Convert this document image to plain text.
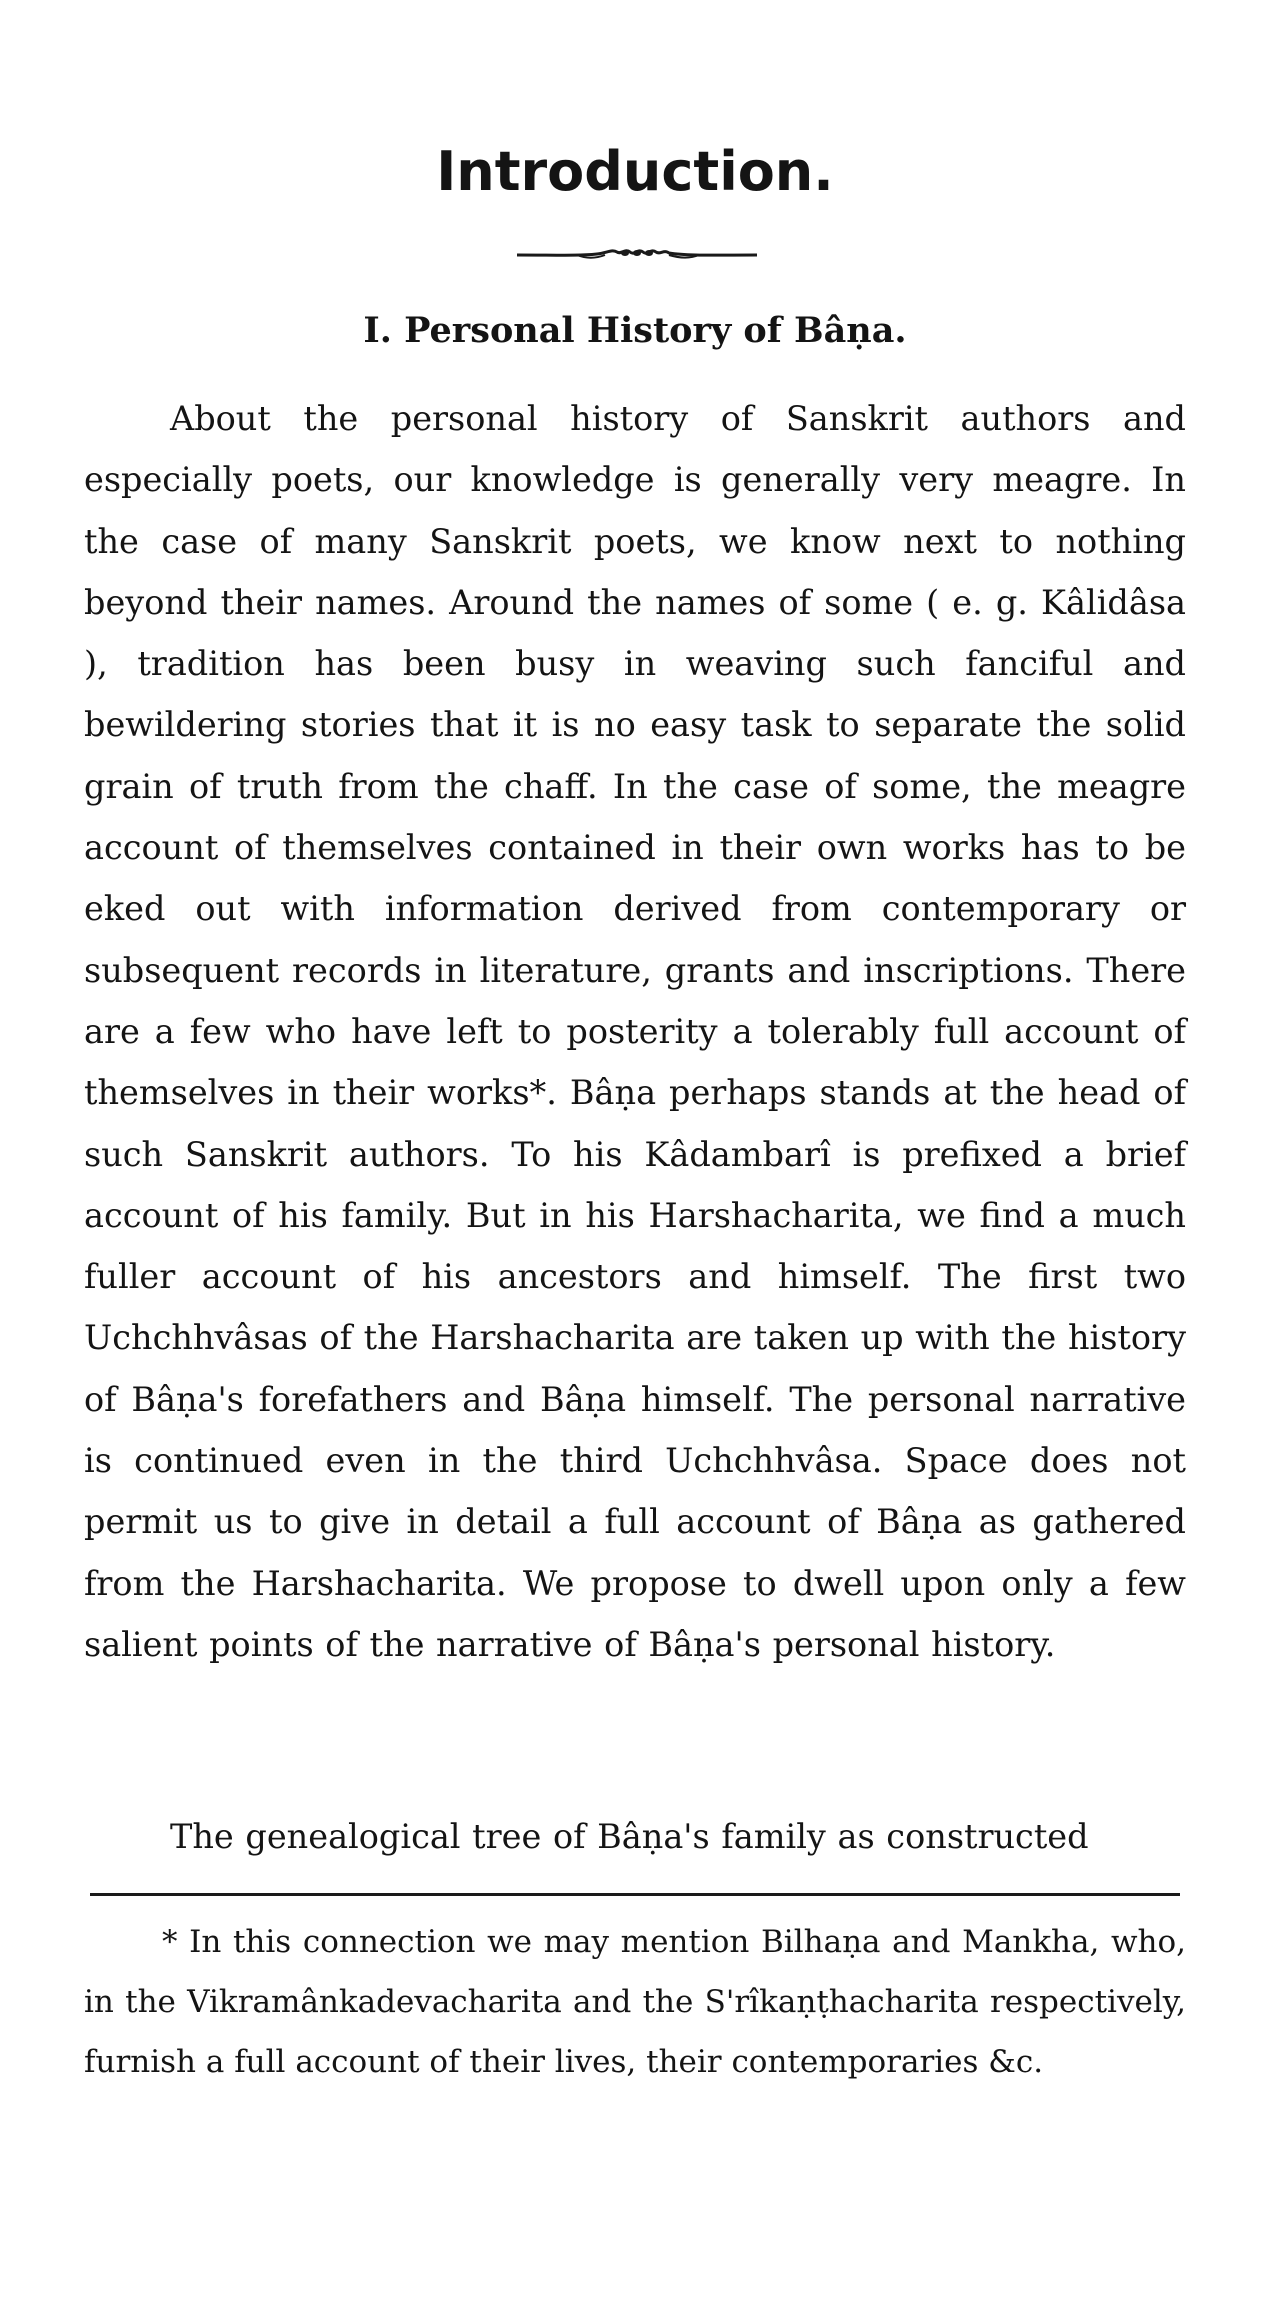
Introduction.
I. Personal History of Bâṇa.

About the personal history of Sanskrit authors and especially poets, our knowledge is generally very meagre. In the case of many Sanskrit poets, we know next to nothing beyond their names. Around the names of some ( e. g. Kâlidâsa ), tradition has been busy in weaving such fanciful and bewildering stories that it is no easy task to separate the solid grain of truth from the chaff. In the case of some, the meagre account of themselves contained in their own works has to be eked out with information derived from contemporary or subsequent records in literature, grants and inscriptions. There are a few who have left to posterity a tolerably full account of themselves in their works*. Bâṇa perhaps stands at the head of such Sanskrit authors. To his Kâdambarî is prefixed a brief account of his family. But in his Harshacharita, we find a much fuller account of his ancestors and himself. The first two Uchchhvâsas of the Harshacharita are taken up with the history of Bâṇa's forefathers and Bâṇa himself. The personal narrative is continued even in the third Uchchhvâsa. Space does not permit us to give in detail a full account of Bâṇa as gathered from the Harshacharita. We propose to dwell upon only a few salient points of the narrative of Bâṇa's personal history.

The genealogical tree of Bâṇa's family as constructed

* In this connection we may mention Bilhaṇa and Mankha, who, in the Vikramânkadevacharita and the S'rîkaṇṭhacharita respectively, furnish a full account of their lives, their contemporaries &c.
